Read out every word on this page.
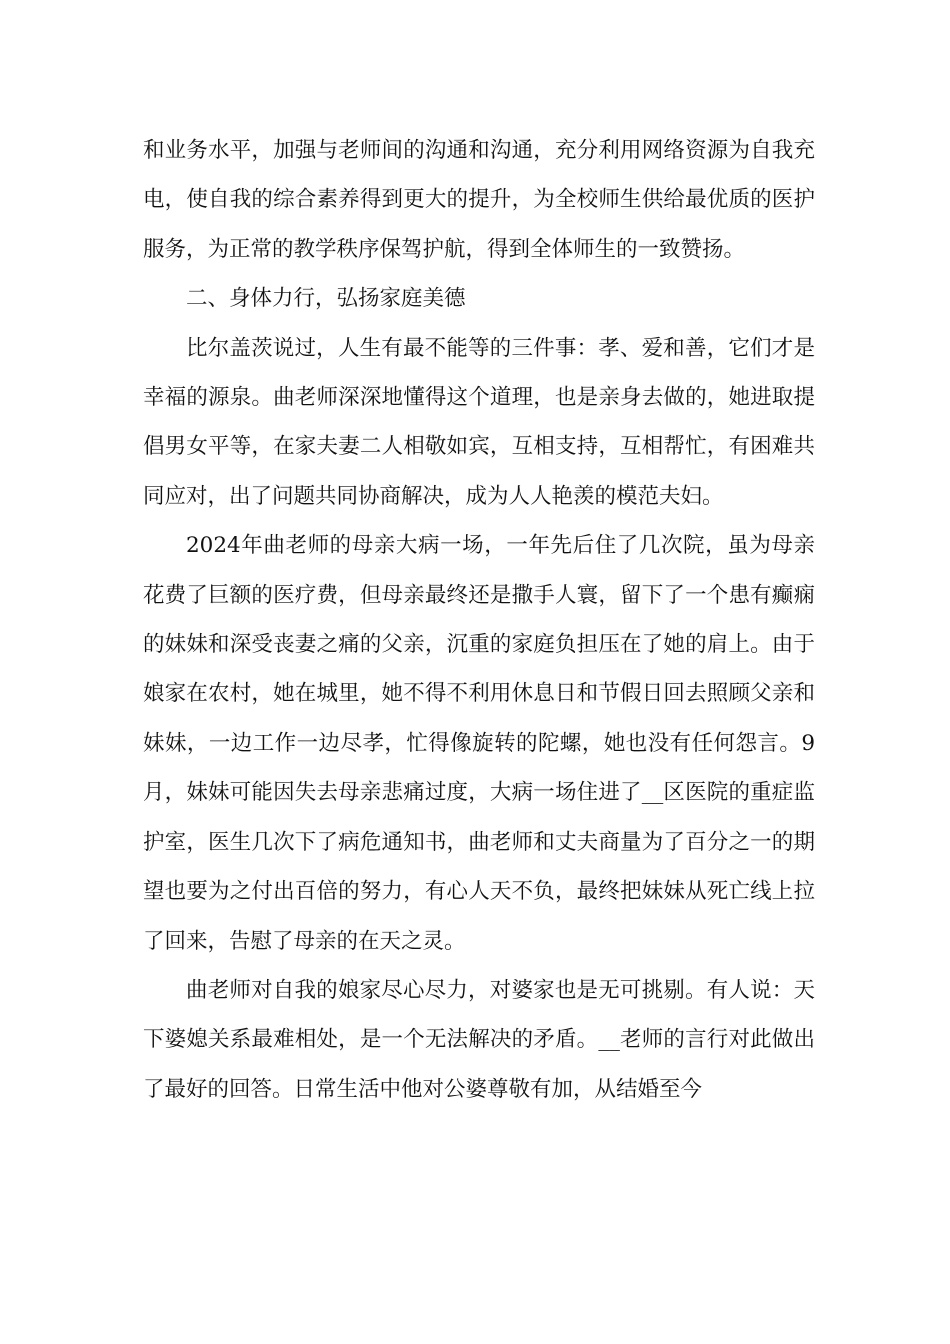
和业务水平，加强与老师间的沟通和沟通，充分利用网络资源为自我充电，使自我的综合素养得到更大的提升，为全校师生供给最优质的医护服务，为正常的教学秩序保驾护航，得到全体师生的一致赞扬。

二、身体力行，弘扬家庭美德

比尔盖茨说过，人生有最不能等的三件事：孝、爱和善，它们才是幸福的源泉。曲老师深深地懂得这个道理，也是亲身去做的，她进取提倡男女平等，在家夫妻二人相敬如宾，互相支持，互相帮忙，有困难共同应对，出了问题共同协商解决，成为人人艳羡的模范夫妇。

2024年曲老师的母亲大病一场，一年先后住了几次院，虽为母亲花费了巨额的医疗费，但母亲最终还是撒手人寰，留下了一个患有癫痫的妹妹和深受丧妻之痛的父亲，沉重的家庭负担压在了她的肩上。由于娘家在农村，她在城里，她不得不利用休息日和节假日回去照顾父亲和妹妹，一边工作一边尽孝，忙得像旋转的陀螺，她也没有任何怨言。9月，妹妹可能因失去母亲悲痛过度，大病一场住进了__区医院的重症监护室，医生几次下了病危通知书，曲老师和丈夫商量为了百分之一的期望也要为之付出百倍的努力，有心人天不负，最终把妹妹从死亡线上拉了回来，告慰了母亲的在天之灵。

曲老师对自我的娘家尽心尽力，对婆家也是无可挑剔。有人说：天下婆媳关系最难相处，是一个无法解决的矛盾。__老师的言行对此做出了最好的回答。日常生活中他对公婆尊敬有加，从结婚至今
